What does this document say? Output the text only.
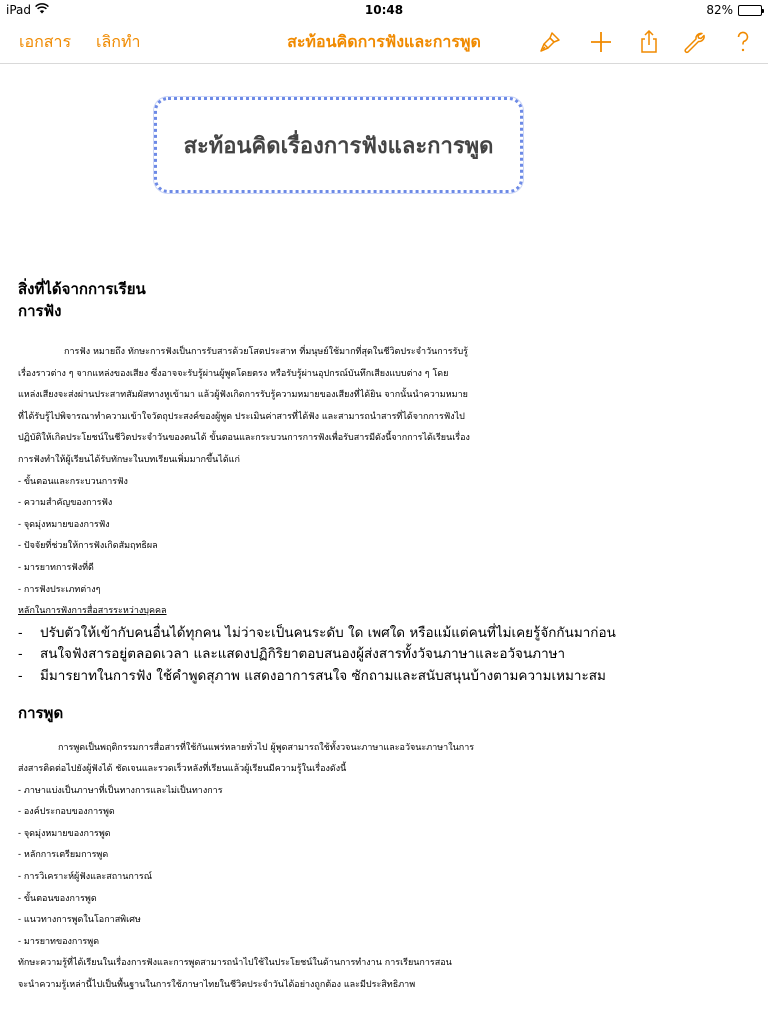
iPad	10:48	82%
เอกสาร เลิกทำ	สะท้อนคิดการฟังและการพูด
สะท้อนคิดเรื่องการฟังและการพูด
สิ่งที่ได้จากการเรียน
การฟัง
การฟัง หมายถึง ทักษะการฟังเป็นการรับสารด้วยโสตประสาท ที่มนุษย์ใช้มากที่สุดในชีวิตประจำวันการรับรู้
เรื่องราวต่าง ๆ จากแหล่งของเสียง ซึ่งอาจจะรับรู้ผ่านผู้พูดโดยตรง หรือรับรู้ผ่านอุปกรณ์บันทึกเสียงแบบต่าง ๆ โดย
แหล่งเสียงจะส่งผ่านประสาทสัมผัสทางหูเข้ามา แล้วผู้ฟังเกิดการรับรู้ความหมายของเสียงที่ได้ยิน จากนั้นนำความหมาย
ที่ได้รับรู้ไปพิจารณาทำความเข้าใจวัตถุประสงค์ของผู้พูด ประเมินค่าสารที่ได้ฟัง และสามารถนำสารที่ได้จากการฟังไป
ปฏิบัติให้เกิดประโยชน์ในชีวิตประจำวันของตนได้ ขั้นตอนและกระบวนการการฟังเพื่อรับสารมีดังนี้จากการได้เรียนเรื่อง
การฟังทำให้ผู้เรียนได้รับทักษะในบทเรียนเพิ่มมากขึ้นได้แก่
- ขั้นตอนและกระบวนการฟัง
- ความสำคัญของการฟัง
- จุดมุ่งหมายของการฟัง
- ปัจจัยที่ช่วยให้การฟังเกิดสัมฤทธิผล
- มารยาทการฟังที่ดี
- การฟังประเภทต่างๆ
หลักในการฟังการสื่อสารระหว่างบุคคล
-	ปรับตัวให้เข้ากับคนอื่นได้ทุกคน ไม่ว่าจะเป็นคนระดับ ใด เพศใด หรือแม้แต่คนที่ไม่เคยรู้จักกันมาก่อน
-	สนใจฟังสารอยู่ตลอดเวลา และแสดงปฏิกิริยาตอบสนองผู้ส่งสารทั้งวัจนภาษาและอวัจนภาษา
-	มีมารยาทในการฟัง ใช้คำพูดสุภาพ แสดงอาการสนใจ ซักถามและสนับสนุนบ้างตามความเหมาะสม
การพูด
การพูดเป็นพฤติกรรมการสื่อสารที่ใช้กันแพร่หลายทั่วไป ผู้พูดสามารถใช้ทั้งวจนะภาษาและอวัจนะภาษาในการ
ส่งสารติดต่อไปยังผู้ฟังได้ ชัดเจนและรวดเร็วหลังที่เรียนแล้วผู้เรียนมีความรู้ในเรื่องดังนี้
- ภาษาแบ่งเป็นภาษาที่เป็นทางการและไม่เป็นทางการ
- องค์ประกอบของการพูด
- จุดมุ่งหมายของการพูด
- หลักการเตรียมการพูด
- การวิเคราะห์ผู้ฟังและสถานการณ์
- ขั้นตอนของการพูด
- แนวทางการพูดในโอกาสพิเศษ
- มารยาทของการพูด
ทักษะความรู้ที่ได้เรียนในเรื่องการฟังและการพูดสามารถนำไปใช้ในประโยชน์ในด้านการทำงาน การเรียนการสอน
จะนำความรู้เหล่านี้ไปเป็นพื้นฐานในการใช้ภาษาไทยในชีวิตประจำวันได้อย่างถูกต้อง และมีประสิทธิภาพ
